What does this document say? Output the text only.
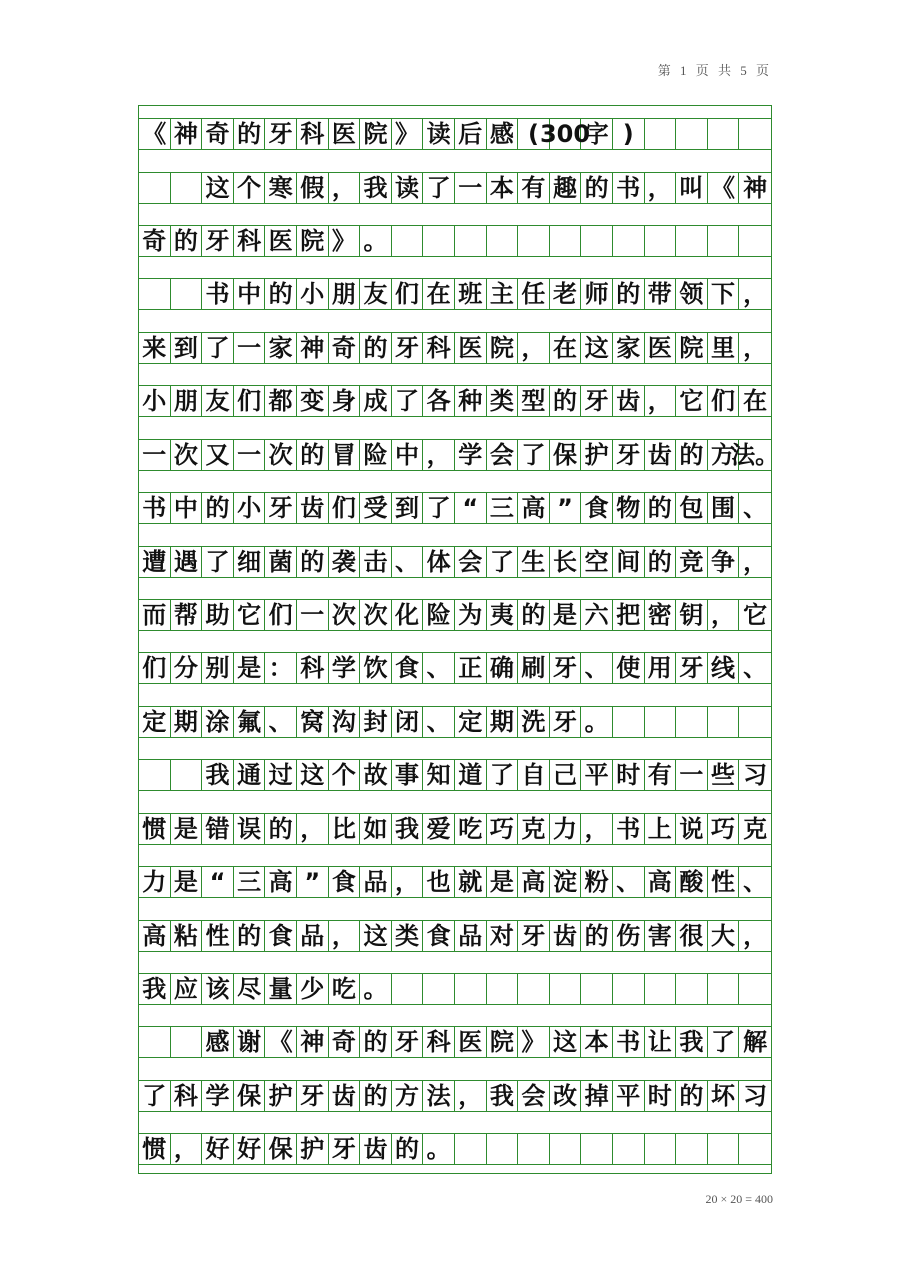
第 1 页 共 5 页
《 神 奇 的 牙 科 医 院 》 读 后 感 ( 300
字 )
这 个 寒 假 ， 我 读 了 一 本 有 趣 的 书 ， 叫 《 神
奇 的 牙 科 医 院 》 。
书 中 的 小 朋 友 们 在 班 主 任 老 师 的 带 领 下 ，
来 到 了 一 家 神 奇 的 牙 科 医 院 ， 在 这 家 医 院 里 ，
小 朋 友 们 都 变 身 成 了 各 种 类 型 的 牙 齿 ， 它 们 在
一 次 又 一 次 的 冒 险 中 ， 学 会 了 保 护 牙 齿 的 方
法。
书 中 的 小 牙 齿 们 受 到 了 “ 三 高 ” 食 物 的 包 围 、
遭 遇 了 细 菌 的 袭 击 、 体 会 了 生 长 空 间 的 竞 争 ，
而 帮 助 它 们 一 次 次 化 险 为 夷 的 是 六 把 密 钥 ， 它
们 分 别 是 ： 科 学 饮 食 、 正 确 刷 牙 、 使 用 牙 线 、
定 期 涂 氟 、 窝 沟 封 闭 、 定 期 洗 牙 。
我 通 过 这 个 故 事 知 道 了 自 己 平 时 有 一 些 习
惯 是 错 误 的 ， 比 如 我 爱 吃 巧 克 力 ， 书 上 说 巧 克
力 是 “ 三 高 ” 食 品 ， 也 就 是 高 淀 粉 、 高 酸 性 、
高 粘 性 的 食 品 ， 这 类 食 品 对 牙 齿 的 伤 害 很 大 ，
我 应 该 尽 量 少 吃 。
感 谢 《 神 奇 的 牙 科 医 院 》 这 本 书 让 我 了 解
了 科 学 保 护 牙 齿 的 方 法 ， 我 会 改 掉 平 时 的 坏 习
惯 ， 好 好 保 护 牙 齿 的 。
20 × 20 = 400
